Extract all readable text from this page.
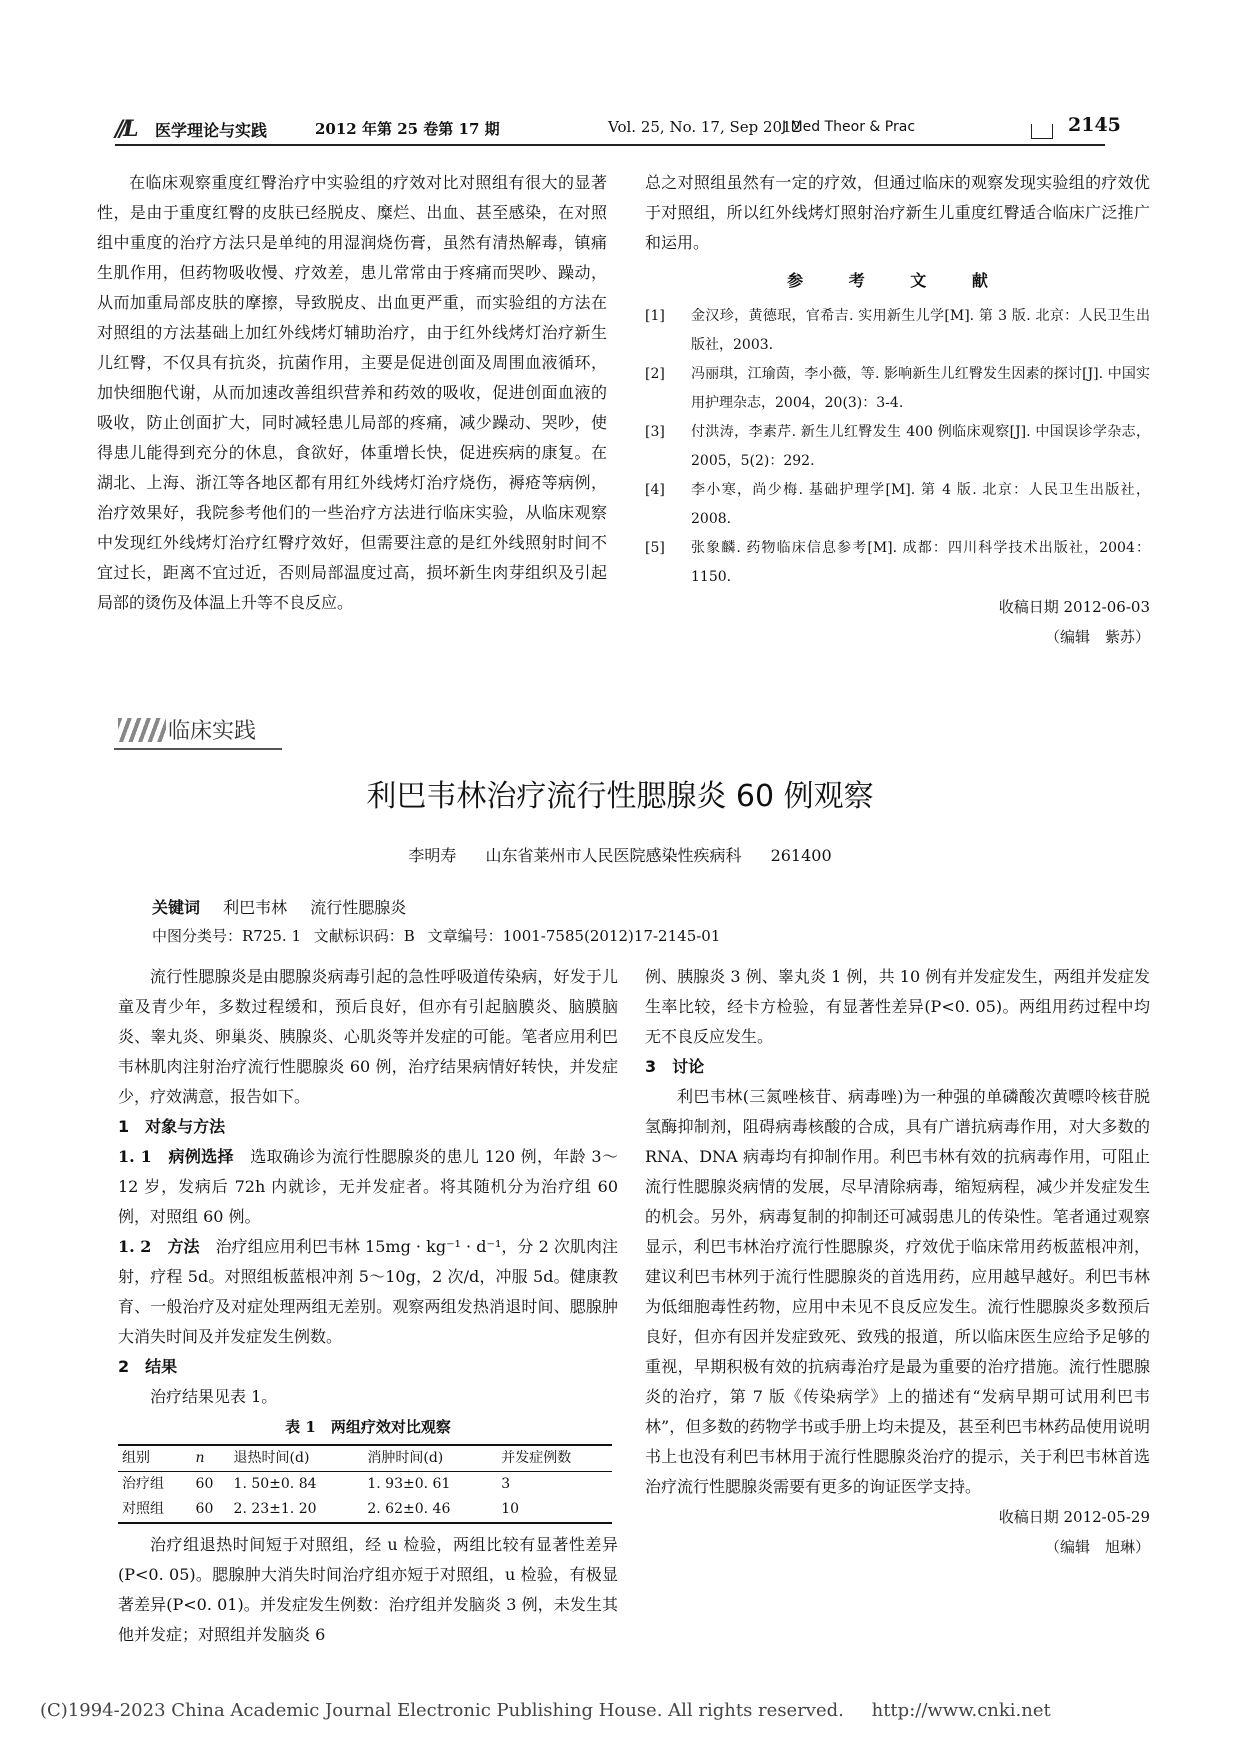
//L 医学理论与实践	2012 年第 25 卷第 17 期	Vol. 25, No. 17, Sep 2012
J Med Theor & Prac	2145

在临床观察重度红臀治疗中实验组的疗效对比对照组有很大的显著性，是由于重度红臀的皮肤已经脱皮、糜烂、出血、甚至感染，在对照组中重度的治疗方法只是单纯的用湿润烧伤膏，虽然有清热解毒，镇痛生肌作用，但药物吸收慢、疗效差，患儿常常由于疼痛而哭吵、躁动，从而加重局部皮肤的摩擦，导致脱皮、出血更严重，而实验组的方法在对照组的方法基础上加红外线烤灯辅助治疗，由于红外线烤灯治疗新生儿红臀，不仅具有抗炎，抗菌作用，主要是促进创面及周围血液循环，加快细胞代谢，从而加速改善组织营养和药效的吸收，促进创面血液的吸收，防止创面扩大，同时减轻患儿局部的疼痛，减少躁动、哭吵，使得患儿能得到充分的休息，食欲好，体重增长快，促进疾病的康复。在湖北、上海、浙江等各地区都有用红外线烤灯治疗烧伤，褥疮等病例，治疗效果好，我院参考他们的一些治疗方法进行临床实验，从临床观察中发现红外线烤灯治疗红臀疗效好，但需要注意的是红外线照射时间不宜过长，距离不宜过近，否则局部温度过高，损坏新生肉芽组织及引起局部的烫伤及体温上升等不良反应。

总之对照组虽然有一定的疗效，但通过临床的观察发现实验组的疗效优于对照组，所以红外线烤灯照射治疗新生儿重度红臀适合临床广泛推广和运用。

参 考 文 献
[1]	金汉珍，黄德珉，官希吉. 实用新生儿学[M]. 第 3 版. 北京：人民卫生出版社，2003.
[2]	冯丽琪，江瑜茵，李小薇，等. 影响新生儿红臀发生因素的探讨[J]. 中国实用护理杂志，2004，20(3)：3-4.
[3]	付洪涛，李素芹. 新生儿红臀发生 400 例临床观察[J]. 中国误诊学杂志，2005，5(2)：292.
[4]	李小寒，尚少梅. 基础护理学[M]. 第 4 版. 北京：人民卫生出版社，2008.
[5]	张象麟. 药物临床信息参考[M]. 成都：四川科学技术出版社，2004：1150.
收稿日期 2012-06-03
（编辑　紫苏）
临床实践
利巴韦林治疗流行性腮腺炎 60 例观察
李明寿 山东省莱州市人民医院感染性疾病科 261400
关键词 利巴韦林 流行性腮腺炎
中图分类号：R725. 1 文献标识码：B 文章编号：1001-7585(2012)17-2145-01

流行性腮腺炎是由腮腺炎病毒引起的急性呼吸道传染病，好发于儿童及青少年，多数过程缓和，预后良好，但亦有引起脑膜炎、脑膜脑炎、睾丸炎、卵巢炎、胰腺炎、心肌炎等并发症的可能。笔者应用利巴韦林肌肉注射治疗流行性腮腺炎 60 例，治疗结果病情好转快，并发症少，疗效满意，报告如下。

1　对象与方法

1. 1　病例选择　 选取确诊为流行性腮腺炎的患儿 120 例，年龄 3～12 岁，发病后 72h 内就诊，无并发症者。将其随机分为治疗组 60 例，对照组 60 例。

1. 2　方法　 治疗组应用利巴韦林 15mg · kg⁻¹ · d⁻¹，分 2 次肌肉注射，疗程 5d。对照组板蓝根冲剂 5～10g，2 次/d，冲服 5d。健康教育、一般治疗及对症处理两组无差别。观察两组发热消退时间、腮腺肿大消失时间及并发症发生例数。

2　结果

治疗结果见表 1。

表 1　两组疗效对比观察
组别	n	退热时间(d)	消肿时间(d)	并发症例数
治疗组	60	1. 50±0. 84	1. 93±0. 61	3
对照组	60	2. 23±1. 20	2. 62±0. 46	10

治疗组退热时间短于对照组，经 u 检验，两组比较有显著性差异(P<0. 05)。腮腺肿大消失时间治疗组亦短于对照组，u 检验，有极显著差异(P<0. 01)。并发症发生例数：治疗组并发脑炎 3 例，未发生其他并发症；对照组并发脑炎 6

例、胰腺炎 3 例、睾丸炎 1 例，共 10 例有并发症发生，两组并发症发生率比较，经卡方检验，有显著性差异(P<0. 05)。两组用药过程中均无不良反应发生。

3　讨论

利巴韦林(三氮唑核苷、病毒唑)为一种强的单磷酸次黄嘌呤核苷脱氢酶抑制剂，阻碍病毒核酸的合成，具有广谱抗病毒作用，对大多数的 RNA、DNA 病毒均有抑制作用。利巴韦林有效的抗病毒作用，可阻止流行性腮腺炎病情的发展，尽早清除病毒，缩短病程，减少并发症发生的机会。另外，病毒复制的抑制还可减弱患儿的传染性。笔者通过观察显示，利巴韦林治疗流行性腮腺炎，疗效优于临床常用药板蓝根冲剂，建议利巴韦林列于流行性腮腺炎的首选用药，应用越早越好。利巴韦林为低细胞毒性药物，应用中未见不良反应发生。流行性腮腺炎多数预后良好，但亦有因并发症致死、致残的报道，所以临床医生应给予足够的重视，早期积极有效的抗病毒治疗是最为重要的治疗措施。流行性腮腺炎的治疗，第 7 版《传染病学》上的描述有“发病早期可试用利巴韦林”，但多数的药物学书或手册上均未提及，甚至利巴韦林药品使用说明书上也没有利巴韦林用于流行性腮腺炎治疗的提示，关于利巴韦林首选治疗流行性腮腺炎需要有更多的询证医学支持。

收稿日期 2012-05-29
（编辑　旭琳）
(C)1994-2023 China Academic Journal Electronic Publishing House. All rights reserved. http://www.cnki.net
